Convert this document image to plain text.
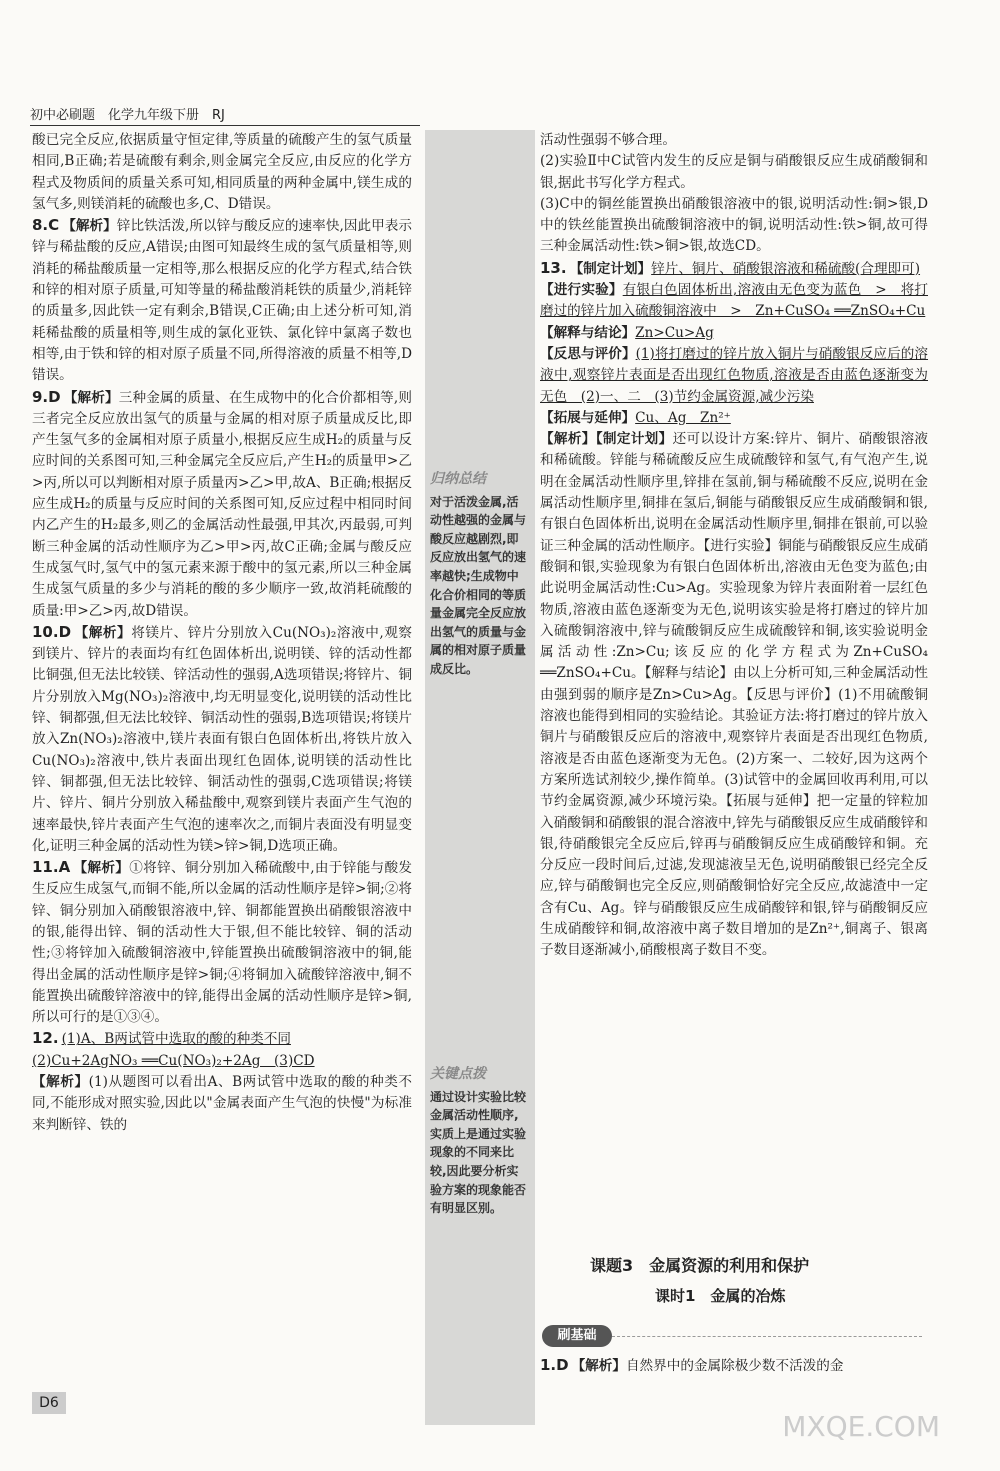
初中必刷题　化学九年级下册　RJ

酸已完全反应,依据质量守恒定律,等质量的硫酸产生的氢气质量相同,B正确;若是硫酸有剩余,则金属完全反应,由反应的化学方程式及物质间的质量关系可知,相同质量的两种金属中,镁生成的氢气多,则镁消耗的硫酸也多,C、D错误。

8.C 【解析】锌比铁活泼,所以锌与酸反应的速率快,因此甲表示锌与稀盐酸的反应,A错误;由图可知最终生成的氢气质量相等,则消耗的稀盐酸质量一定相等,那么根据反应的化学方程式,结合铁和锌的相对原子质量,可知等量的稀盐酸消耗铁的质量少,消耗锌的质量多,因此铁一定有剩余,B错误,C正确;由上述分析可知,消耗稀盐酸的质量相等,则生成的氯化亚铁、氯化锌中氯离子数也相等,由于铁和锌的相对原子质量不同,所得溶液的质量不相等,D错误。

9.D 【解析】三种金属的质量、在生成物中的化合价都相等,则三者完全反应放出氢气的质量与金属的相对原子质量成反比,即产生氢气多的金属相对原子质量小,根据反应生成H₂的质量与反应时间的关系图可知,三种金属完全反应后,产生H₂的质量甲>乙>丙,所以可以判断相对原子质量丙>乙>甲,故A、B正确;根据反应生成H₂的质量与反应时间的关系图可知,反应过程中相同时间内乙产生的H₂最多,则乙的金属活动性最强,甲其次,丙最弱,可判断三种金属的活动性顺序为乙>甲>丙,故C正确;金属与酸反应生成氢气时,氢气中的氢元素来源于酸中的氢元素,所以三种金属生成氢气质量的多少与消耗的酸的多少顺序一致,故消耗硫酸的质量:甲>乙>丙,故D错误。

10.D 【解析】将镁片、锌片分别放入Cu(NO₃)₂溶液中,观察到镁片、锌片的表面均有红色固体析出,说明镁、锌的活动性都比铜强,但无法比较镁、锌活动性的强弱,A选项错误;将锌片、铜片分别放入Mg(NO₃)₂溶液中,均无明显变化,说明镁的活动性比锌、铜都强,但无法比较锌、铜活动性的强弱,B选项错误;将镁片放入Zn(NO₃)₂溶液中,镁片表面有银白色固体析出,将铁片放入Cu(NO₃)₂溶液中,铁片表面出现红色固体,说明镁的活动性比锌、铜都强,但无法比较锌、铜活动性的强弱,C选项错误;将镁片、锌片、铜片分别放入稀盐酸中,观察到镁片表面产生气泡的速率最快,锌片表面产生气泡的速率次之,而铜片表面没有明显变化,证明三种金属的活动性为镁>锌>铜,D选项正确。

11.A 【解析】①将锌、铜分别加入稀硫酸中,由于锌能与酸发生反应生成氢气,而铜不能,所以金属的活动性顺序是锌>铜;②将锌、铜分别加入硝酸银溶液中,锌、铜都能置换出硝酸银溶液中的银,能得出锌、铜的活动性大于银,但不能比较锌、铜的活动性;③将锌加入硫酸铜溶液中,锌能置换出硫酸铜溶液中的铜,能得出金属的活动性顺序是锌>铜;④将铜加入硫酸锌溶液中,铜不能置换出硫酸锌溶液中的锌,能得出金属的活动性顺序是锌>铜,所以可行的是①③④。

12. (1)A、B两试管中选取的酸的种类不同
(2)Cu+2AgNO₃ ══Cu(NO₃)₂+2Ag　(3)CD
【解析】(1)从题图可以看出A、B两试管中选取的酸的种类不同,不能形成对照实验,因此以"金属表面产生气泡的快慢"为标准来判断锌、铁的

归纳总结
对于活泼金属,活动性越强的金属与酸反应越剧烈,即反应放出氢气的速率越快;生成物中化合价相同的等质量金属完全反应放出氢气的质量与金属的相对原子质量成反比。
关键点拨
通过设计实验比较金属活动性顺序,实质上是通过实验现象的不同来比较,因此要分析实验方案的现象能否有明显区别。

活动性强弱不够合理。

(2)实验Ⅱ中C试管内发生的反应是铜与硝酸银反应生成硝酸铜和银,据此书写化学方程式。

(3)C中的铜丝能置换出硝酸银溶液中的银,说明活动性:铜>银,D中的铁丝能置换出硫酸铜溶液中的铜,说明活动性:铁>铜,故可得三种金属活动性:铁>铜>银,故选CD。

13. 【制定计划】锌片、铜片、硝酸银溶液和稀硫酸(合理即可)
【进行实验】有银白色固体析出,溶液由无色变为蓝色　>　将打磨过的锌片加入硫酸铜溶液中　>　Zn+CuSO₄ ══ZnSO₄+Cu
【解释与结论】Zn>Cu>Ag
【反思与评价】(1)将打磨过的锌片放入铜片与硝酸银反应后的溶液中,观察锌片表面是否出现红色物质,溶液是否由蓝色逐渐变为无色　(2)一、二　(3)节约金属资源,减少污染
【拓展与延伸】Cu、Ag　Zn²⁺
【解析】【制定计划】还可以设计方案:锌片、铜片、硝酸银溶液和稀硫酸。锌能与稀硫酸反应生成硫酸锌和氢气,有气泡产生,说明在金属活动性顺序里,锌排在氢前,铜与稀硫酸不反应,说明在金属活动性顺序里,铜排在氢后,铜能与硝酸银反应生成硝酸铜和银,有银白色固体析出,说明在金属活动性顺序里,铜排在银前,可以验证三种金属的活动性顺序。【进行实验】铜能与硝酸银反应生成硝酸铜和银,实验现象为有银白色固体析出,溶液由无色变为蓝色;由此说明金属活动性:Cu>Ag。实验现象为锌片表面附着一层红色物质,溶液由蓝色逐渐变为无色,说明该实验是将打磨过的锌片加入硫酸铜溶液中,锌与硫酸铜反应生成硫酸锌和铜,该实验说明金属活动性:Zn>Cu;该反应的化学方程式为Zn+CuSO₄ ══ZnSO₄+Cu。【解释与结论】由以上分析可知,三种金属活动性由强到弱的顺序是Zn>Cu>Ag。【反思与评价】(1)不用硫酸铜溶液也能得到相同的实验结论。其验证方法:将打磨过的锌片放入铜片与硝酸银反应后的溶液中,观察锌片表面是否出现红色物质,溶液是否由蓝色逐渐变为无色。(2)方案一、二较好,因为这两个方案所选试剂较少,操作简单。(3)试管中的金属回收再利用,可以节约金属资源,减少环境污染。【拓展与延伸】把一定量的锌粒加入硝酸铜和硝酸银的混合溶液中,锌先与硝酸银反应生成硝酸锌和银,待硝酸银完全反应后,锌再与硝酸铜反应生成硝酸锌和铜。充分反应一段时间后,过滤,发现滤液呈无色,说明硝酸银已经完全反应,锌与硝酸铜也完全反应,则硝酸铜恰好完全反应,故滤渣中一定含有Cu、Ag。锌与硝酸银反应生成硝酸锌和银,锌与硝酸铜反应生成硝酸锌和铜,故溶液中离子数目增加的是Zn²⁺,铜离子、银离子数目逐渐减小,硝酸根离子数目不变。

课题3　金属资源的利用和保护
课时1　金属的冶炼
刷基础
1.D 【解析】自然界中的金属除极少数不活泼的金
D6
MXQE.COM
